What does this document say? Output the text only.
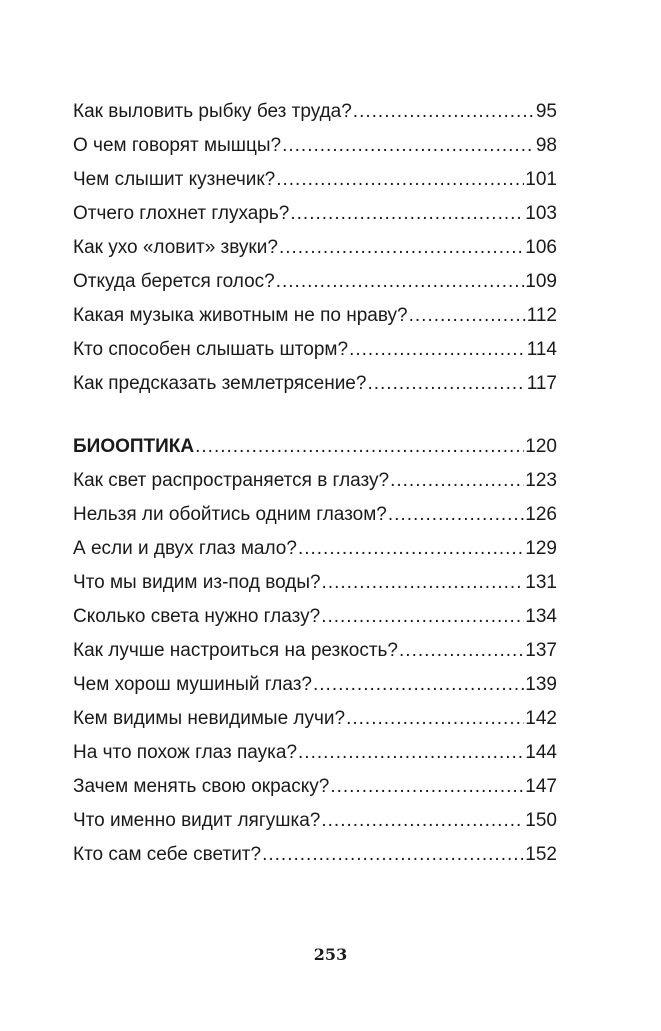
Как выловить рыбку без труда? .....	95
О чем говорят мышцы? .....	98
Чем слышит кузнечик? .....	101
Отчего глохнет глухарь? .....	103
Как ухо «ловит» звуки? .....	106
Откуда берется голос? .....	109
Какая музыка животным не по нраву? .....	112
Кто способен слышать шторм? .....	114
Как предсказать землетрясение? .....	117
БИООПТИКА .....	120
Как свет распространяется в глазу? .....	123
Нельзя ли обойтись одним глазом? .....	126
А если и двух глаз мало? .....	129
Что мы видим из-под воды? .....	131
Сколько света нужно глазу? .....	134
Как лучше настроиться на резкость? .....	137
Чем хорош мушиный глаз? .....	139
Кем видимы невидимые лучи? .....	142
На что похож глаз паука? .....	144
Зачем менять свою окраску? .....	147
Что именно видит лягушка? .....	150
Кто сам себе светит? .....	152
253
